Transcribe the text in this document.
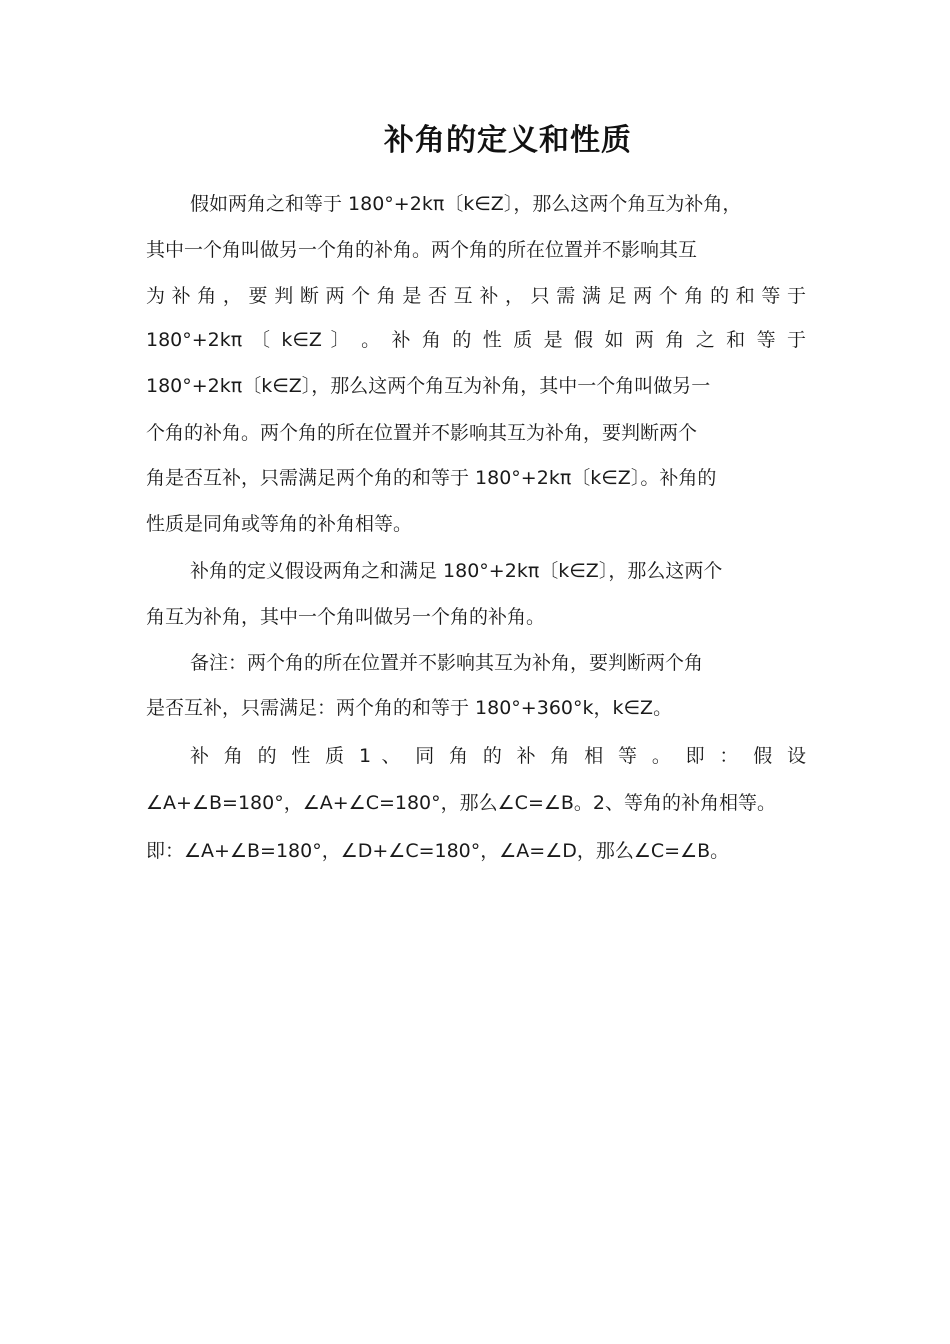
补角的定义和性质
假如两角之和等于 180°+2kπ〔k∈Z〕，那么这两个角互为补角，
其中一个角叫做另一个角的补角。两个角的所在位置并不影响其互
为补角，要判断两个角是否互补，只需满足两个角的和等于
180°+2kπ 〔 k∈Z 〕 。 补 角 的 性 质 是 假 如 两 角 之 和 等 于
180°+2kπ〔k∈Z〕，那么这两个角互为补角，其中一个角叫做另一
个角的补角。两个角的所在位置并不影响其互为补角，要判断两个
角是否互补，只需满足两个角的和等于 180°+2kπ〔k∈Z〕。补角的
性质是同角或等角的补角相等。
补角的定义假设两角之和满足 180°+2kπ〔k∈Z〕，那么这两个
角互为补角，其中一个角叫做另一个角的补角。
备注：两个角的所在位置并不影响其互为补角，要判断两个角
是否互补，只需满足：两个角的和等于 180°+360°k，k∈Z。
补 角 的 性 质 1 、 同 角 的 补 角 相 等 。 即 ： 假 设
∠A+∠B=180°，∠A+∠C=180°，那么∠C=∠B。2、等角的补角相等。
即：∠A+∠B=180°，∠D+∠C=180°，∠A=∠D，那么∠C=∠B。
